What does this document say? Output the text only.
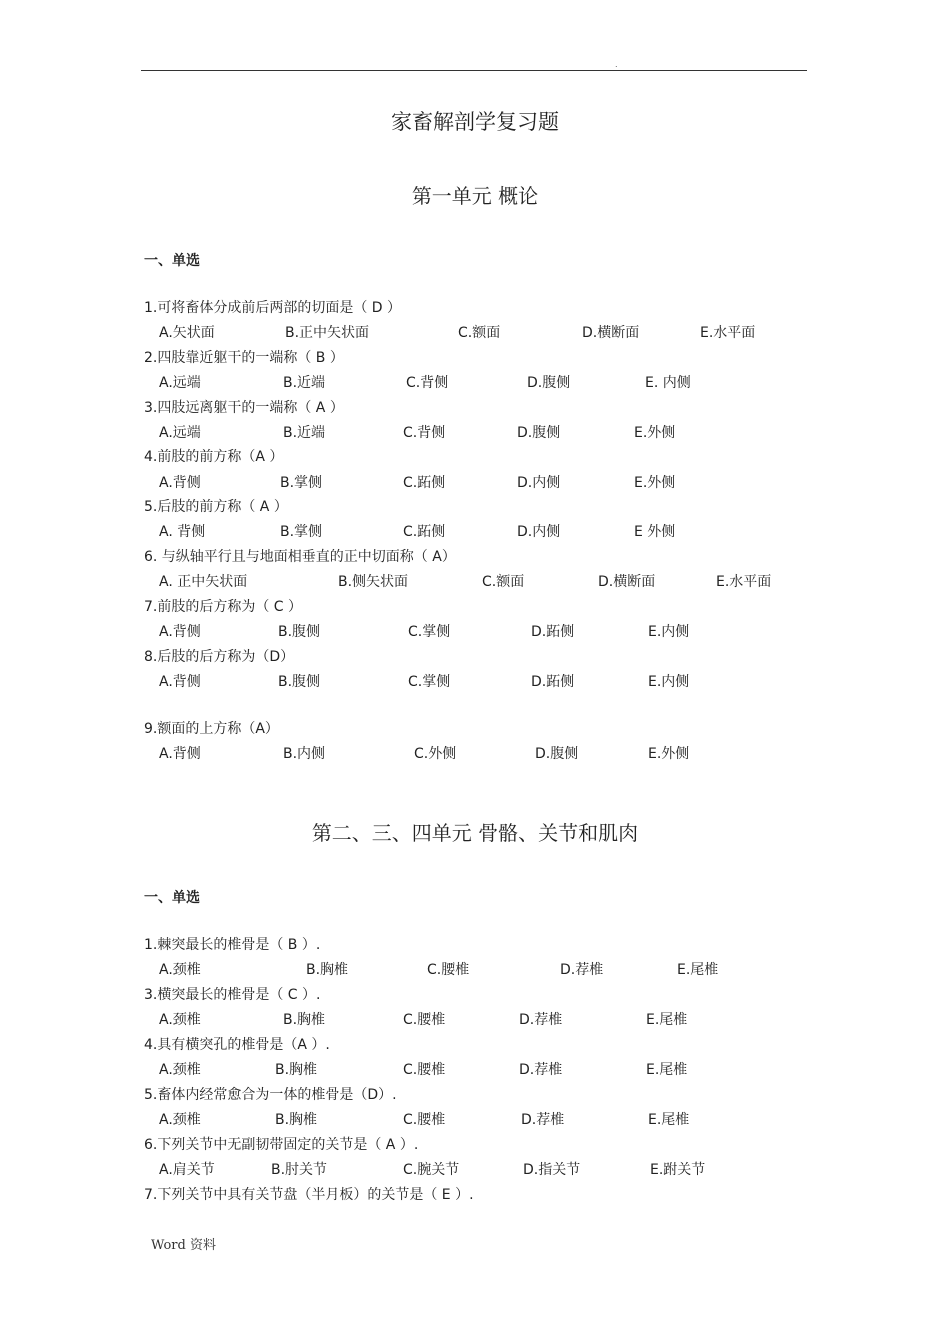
.
家畜解剖学复习题
第一单元 概论
一、单选
1.可将畜体分成前后两部的切面是（ D ）
A.矢状面	B.正中矢状面	C.额面	D.横断面	E.水平面
2.四肢靠近躯干的一端称（ B ）
A.远端	B.近端	C.背侧	D.腹侧	E. 内侧
3.四肢远离躯干的一端称（ A ）
A.远端	B.近端	C.背侧	D.腹侧	E.外侧
4.前肢的前方称（A ）
A.背侧	B.掌侧	C.跖侧	D.内侧	E.外侧
5.后肢的前方称（ A ）
A. 背侧	B.掌侧	C.跖侧	D.内侧	E 外侧
6. 与纵轴平行且与地面相垂直的正中切面称（ A）
A. 正中矢状面	B.侧矢状面	C.额面	D.横断面	E.水平面
7.前肢的后方称为（ C ）
A.背侧	B.腹侧	C.掌侧	D.跖侧	E.内侧
8.后肢的后方称为（D）
A.背侧	B.腹侧	C.掌侧	D.跖侧	E.内侧
9.额面的上方称（A）
A.背侧	B.内侧	C.外侧	D.腹侧	E.外侧
第二、三、四单元 骨骼、关节和肌肉
一、单选
1.棘突最长的椎骨是（ B ）.
A.颈椎	B.胸椎	C.腰椎	D.荐椎	E.尾椎
3.横突最长的椎骨是（ C ）.
A.颈椎	B.胸椎	C.腰椎	D.荐椎	E.尾椎
4.具有横突孔的椎骨是（A ）.
A.颈椎	B.胸椎	C.腰椎	D.荐椎	E.尾椎
5.畜体内经常愈合为一体的椎骨是（D）.
A.颈椎	B.胸椎	C.腰椎	D.荐椎	E.尾椎
6.下列关节中无副韧带固定的关节是（ A ）.
A.肩关节	B.肘关节	C.腕关节	D.指关节	E.跗关节
7.下列关节中具有关节盘（半月板）的关节是（ E ）.
Word 资料
